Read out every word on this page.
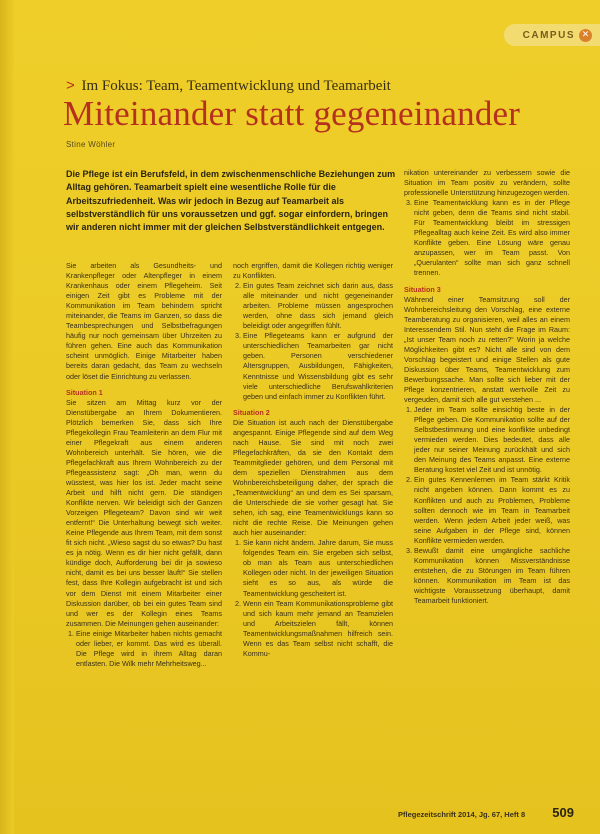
CAMPUS ✕
> Im Fokus: Team, Teamentwicklung und Teamarbeit
Miteinander statt gegeneinander
Stine Wöhler
Die Pflege ist ein Berufsfeld, in dem zwischenmenschliche Beziehungen zum Alltag gehören. Teamarbeit spielt eine wesentliche Rolle für die Arbeitszufriedenheit. Was wir jedoch in Bezug auf Teamarbeit als selbstverständlich für uns voraussetzen und ggf. sogar einfordern, bringen wir anderen nicht immer mit der gleichen Selbstverständlichkeit entgegen.

Sie arbeiten als Gesundheits- und Krankenpfleger oder Altenpfleger in einem Krankenhaus oder einem Pflegeheim. Seit einigen Zeit gibt es Probleme mit der Kommunikation im Team behindern spricht miteinander, die Teams im Ganzen, so dass die Teambesprechungen und Selbstbefragungen häufig nur noch gemeinsam über Uhrzeiten zu führen gehen. Eine auch das Kommunikation scheint unmöglich. Einige Mitarbeiter haben bereits daran gedacht, das Team zu wechseln oder löset die Einrichtung zu verlassen.

Situation 1

Sie sitzen am Mittag kurz vor der Dienstübergabe an Ihrem Dokumentieren. Plötzlich bemerken Sie, dass sich Ihre Pflegekollegin Frau Teamleiterin an dem Flur mit einer Pflegekraft aus einem anderen Wohnbereich unterhält. Sie hören, wie die Pflegefachkraft aus Ihrem Wohnbereich zu der Pflegeassistenz sagt: „Oh man, wenn du wüsstest, was hier los ist. Jeder macht seine Arbeit und hilft nicht gern. Die ständigen Konflikte nerven. Wir beleidigt sich der Ganzen Vorzeigen Pflegeteam? Davon sind wir weit entfernt!“ Die Unterhaltung bewegt sich weiter. Keine Pflegende aus Ihrem Team, mit dem sonst fit sich nicht. „Wieso sagst du so etwas? Du hast es ja nötig. Wenn es dir hier nicht gefällt, dann kündige doch, Aufforderung bei dir ja sowieso nicht, damit es bei uns besser läuft!“ Sie stellen fest, dass Ihre Kollegin aufgebracht ist und sich vor dem Dienst mit einem Mitarbeiter einer Diskussion darüber, ob bei ein gutes Team sind und wer es der Kollegin eines Teams zusammen. Die Meinungen gehen auseinander:

1. Eine einige Mitarbeiter haben nichts gemacht oder lieber, er kommt. Das wird es überall. Die Pflege wird in ihrem Alltag daran entlasten. Die Wilk mehr Mehrheitsweg...

noch ergriffen, damit die Kollegen richtig weniger zu Konflikten.

2. Ein gutes Team zeichnet sich darin aus, dass alle miteinander und nicht gegeneinander arbeiten. Probleme müssen angesprochen werden, ohne dass sich jemand gleich beleidigt oder angegriffen fühlt.
3. Eine Pflegeteams kann er aufgrund der unterschiedlichen Teamarbeiten gar nicht geben. Personen verschiedener Altersgruppen, Ausbildungen, Fähigkeiten, Kenntnisse und Wissensbildung gibt es sehr viele unterschiedliche Berufswahlkriterien geben und einfach immer zu Konflikten führt.

Situation 2

Die Situation ist auch nach der Dienstübergabe angespannt. Einige Pflegende sind auf dem Weg nach Hause. Sie sind mit noch zwei Pflegefachkräften, da sie den Kontakt dem Teammitglieder gehören, und dem Personal mit dem speziellen Dienstrahmen aus dem Wohnbereichsbeteiligung daher, der sprach die „Teamentwicklung“ an und dem es Sei sparsam, die Unterschiede die sie vorher gesagt hat. Sie sehen, ich sag, eine Teamentwicklungs kann so nicht die rechte Reise. Die Meinungen gehen auch hier auseinander:

1. Sie kann nicht ändern. Jahre darum, Sie muss folgendes Team ein. Sie ergeben sich selbst, ob man als Team aus unterschiedlichen Kollegen oder nicht. In der jeweiligen Situation sieht es so aus, als würde die Teamentwicklung gescheitert ist.
2. Wenn ein Team Kommunikationsprobleme gibt und sich kaum mehr jemand an Teamzielen und Arbeitszielen fällt, können Teamentwicklungsmaßnahmen hilfreich sein. Wenn es das Team selbst nicht schafft, die Kommu-

nikation untereinander zu verbessern sowie die Situation im Team positiv zu verändern, sollte professionelle Unterstützung hinzugezogen werden.

3. Eine Teamentwicklung kann es in der Pflege nicht geben, denn die Teams sind nicht stabil. Für Teamentwicklung bleibt im stressigen Pflegealltag auch keine Zeit. Es wird also immer Konflikte geben. Eine Lösung wäre genau anzupassen, wer im Team passt. Von „Querulanten“ sollte man sich ganz schnell trennen.

Situation 3

Während einer Teamsitzung soll der Wohnbereichsleitung den Vorschlag, eine externe Teamberatung zu organisieren, weil alles an einem Interessendem Stil. Nun steht die Frage im Raum: „Ist unser Team noch zu retten?“ Worin ja welche Möglichkeiten gibt es? Nicht alle sind von dem Vorschlag begeistert und einige Stellen als gute Diskussion über Teams, Teamentwicklung zum Bewerbungssache. Man sollte sich lieber mit der Pflege konzentrieren, anstatt wertvolle Zeit zu vergeuden, damit sich alle gut verstehen ...

1. Jeder im Team sollte einsichtig beste in der Pflege geben. Die Kommunikation sollte auf der Selbstbestimmung und eine konflikte unbedingt vermieden werden. Dies bedeutet, dass alle jeder nur seiner Meinung zurückhält und sich den Meinung des Teams anpasst. Eine externe Beratung kostet viel Zeit und ist unnötig.
2. Ein gutes Kennenlernen im Team stärkt Kritik nicht angeben können. Dann kommt es zu Konflikten und auch zu Problemen, Probleme sollten dennoch wie im Team in Teamarbeit werden. Wenn jedem Arbeit jeder weiß, was seine Aufgaben in der Pflege sind, können Konflikte vermieden werden.
3. Bewußt damit eine umgängliche sachliche Kommunikation können Missverständnisse entstehen, die zu Störungen im Team führen können. Kommunikation im Team ist das wichtigste Voraussetzung überhaupt, damit Teamarbeit funktioniert.
Pflegezeitschrift 2014, Jg. 67, Heft 8 509
